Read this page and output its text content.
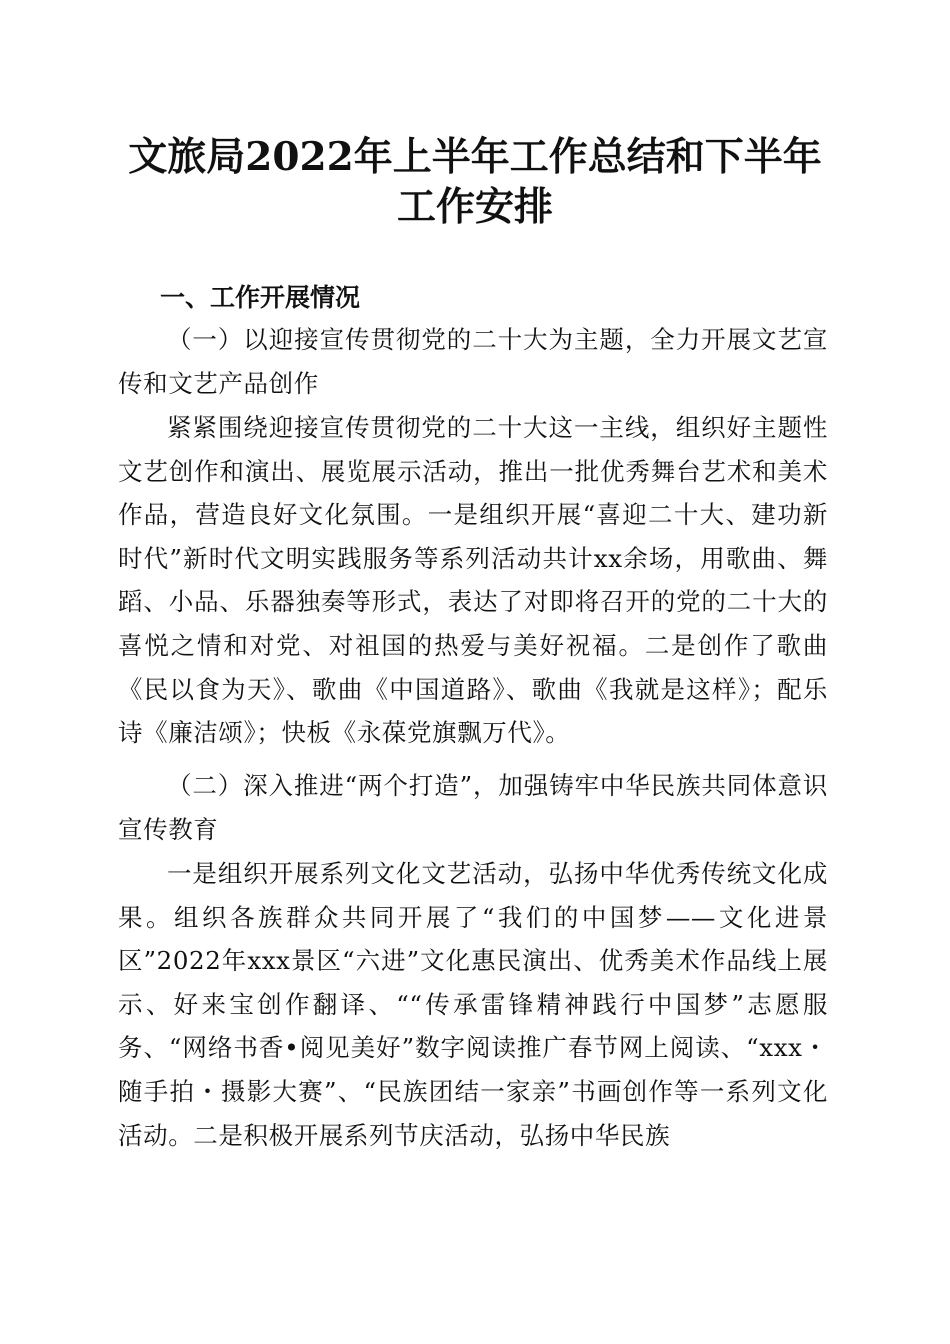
文旅局2022年上半年工作总结和下半年工作安排

一、工作开展情况

（一）以迎接宣传贯彻党的二十大为主题，全力开展文艺宣传和文艺产品创作

紧紧围绕迎接宣传贯彻党的二十大这一主线，组织好主题性文艺创作和演出、展览展示活动，推出一批优秀舞台艺术和美术作品，营造良好文化氛围。一是组织开展“喜迎二十大、建功新时代”新时代文明实践服务等系列活动共计xx余场，用歌曲、舞蹈、小品、乐器独奏等形式，表达了对即将召开的党的二十大的喜悦之情和对党、对祖国的热爱与美好祝福。二是创作了歌曲《民以食为天》、歌曲《中国道路》、歌曲《我就是这样》；配乐诗《廉洁颂》；快板《永葆党旗飘万代》。

（二）深入推进“两个打造”，加强铸牢中华民族共同体意识宣传教育

一是组织开展系列文化文艺活动，弘扬中华优秀传统文化成果。组织各族群众共同开展了“我们的中国梦——文化进景区”2022年xxx景区“六进”文化惠民演出、优秀美术作品线上展示、好来宝创作翻译、““传承雷锋精神践行中国梦”志愿服务、“网络书香•阅见美好”数字阅读推广春节网上阅读、“xxx・随手拍・摄影大赛”、“民族团结一家亲”书画创作等一系列文化活动。二是积极开展系列节庆活动，弘扬中华民族
